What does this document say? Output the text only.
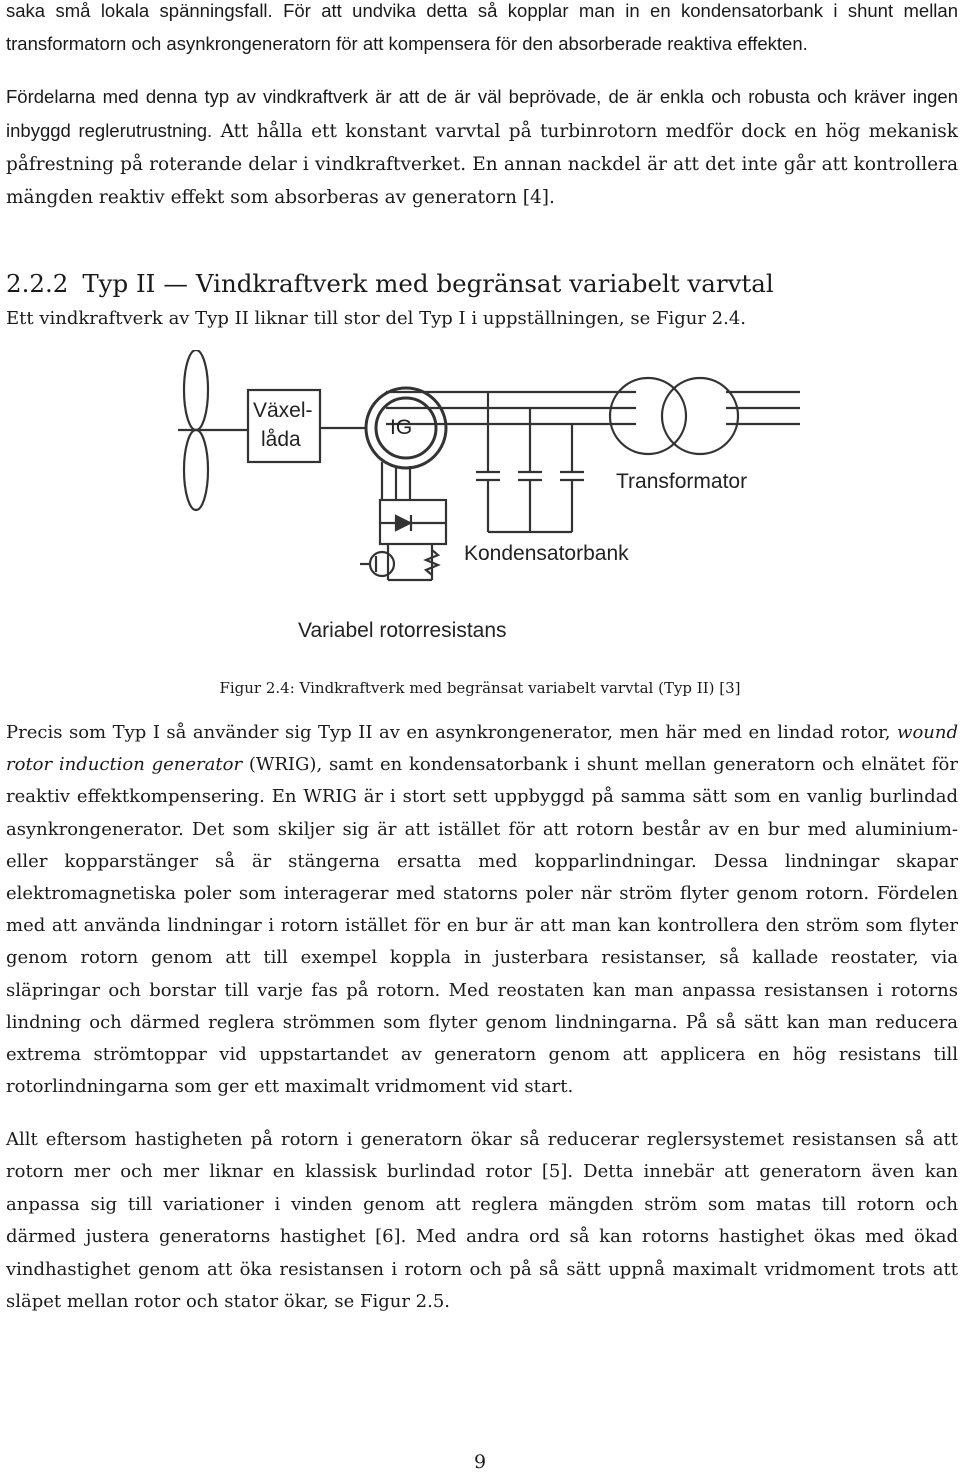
saka små lokala spänningsfall. För att undvika detta så kopplar man in en kondensatorbank i shunt mellan transformatorn och asynkrongeneratorn för att kompensera för den absorberade reaktiva effekten.

Fördelarna med denna typ av vindkraftverk är att de är väl beprövade, de är enkla och robusta och kräver ingen inbyggd reglerutrustning. Att hålla ett konstant varvtal på turbinrotorn medför dock en hög mekanisk påfrestning på roterande delar i vindkraftverket. En annan nackdel är att det inte går att kontrollera mängden reaktiv effekt som absorberas av generatorn [4].

2.2.2 Typ II — Vindkraftverk med begränsat variabelt varvtal

Ett vindkraftverk av Typ II liknar till stor del Typ I i uppställningen, se Figur 2.4.

Växel-
låda
IG
Transformator
Kondensatorbank
Variabel rotorresistans

Figur 2.4: Vindkraftverk med begränsat variabelt varvtal (Typ II) [3]

Precis som Typ I så använder sig Typ II av en asynkrongenerator, men här med en lindad rotor, wound rotor induction generator (WRIG), samt en kondensatorbank i shunt mellan generatorn och elnätet för reaktiv effektkompensering. En WRIG är i stort sett uppbyggd på samma sätt som en vanlig burlindad asynkrongenerator. Det som skiljer sig är att istället för att rotorn består av en bur med aluminium- eller kopparstänger så är stängerna ersatta med kopparlindningar. Dessa lindningar skapar elektromagnetiska poler som interagerar med statorns poler när ström flyter genom rotorn. Fördelen med att använda lindningar i rotorn istället för en bur är att man kan kontrollera den ström som flyter genom rotorn genom att till exempel koppla in justerbara resistanser, så kallade reostater, via släpringar och borstar till varje fas på rotorn. Med reostaten kan man anpassa resistansen i rotorns lindning och därmed reglera strömmen som flyter genom lindningarna. På så sätt kan man reducera extrema strömtoppar vid uppstartandet av generatorn genom att applicera en hög resistans till rotorlindningarna som ger ett maximalt vridmoment vid start.

Allt eftersom hastigheten på rotorn i generatorn ökar så reducerar reglersystemet resistansen så att rotorn mer och mer liknar en klassisk burlindad rotor [5]. Detta innebär att generatorn även kan anpassa sig till variationer i vinden genom att reglera mängden ström som matas till rotorn och därmed justera generatorns hastighet [6]. Med andra ord så kan rotorns hastighet ökas med ökad vindhastighet genom att öka resistansen i rotorn och på så sätt uppnå maximalt vridmoment trots att släpet mellan rotor och stator ökar, se Figur 2.5.

9
